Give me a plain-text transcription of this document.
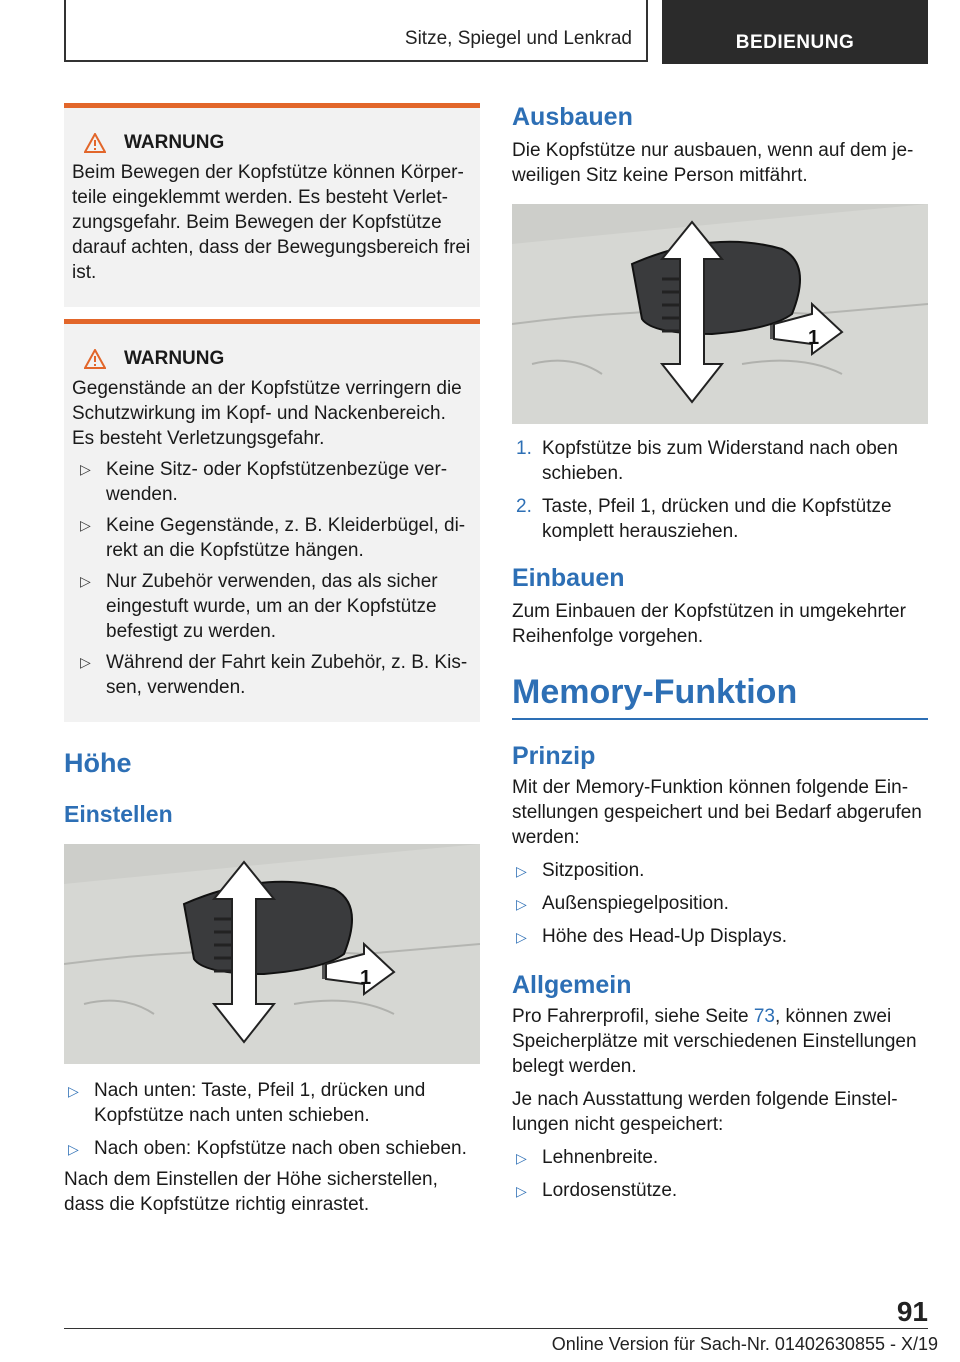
Sitze, Spiegel und Lenkrad	BEDIENUNG
WARNUNG

Beim Bewegen der Kopfstütze können Körper-teile eingeklemmt werden. Es besteht Verlet-zungsgefahr. Beim Bewegen der Kopfstütze darauf achten, dass der Bewegungsbereich frei ist.

WARNUNG

Gegenstände an der Kopfstütze verringern die Schutzwirkung im Kopf- und Nackenbereich. Es besteht Verletzungsgefahr.

▷ Keine Sitz- oder Kopfstützenbezüge ver-wenden.
▷ Keine Gegenstände, z. B. Kleiderbügel, di-rekt an die Kopfstütze hängen.
▷ Nur Zubehör verwenden, das als sicher eingestuft wurde, um an der Kopfstütze befestigt zu werden.
▷ Während der Fahrt kein Zubehör, z. B. Kis-sen, verwenden.
Höhe
Einstellen
1
▷ Nach unten: Taste, Pfeil 1, drücken und Kopfstütze nach unten schieben.
▷ Nach oben: Kopfstütze nach oben schieben.

Nach dem Einstellen der Höhe sicherstellen, dass die Kopfstütze richtig einrastet.

Ausbauen

Die Kopfstütze nur ausbauen, wenn auf dem je-weiligen Sitz keine Person mitfährt.

1
1. Kopfstütze bis zum Widerstand nach oben schieben.
2. Taste, Pfeil 1, drücken und die Kopfstütze komplett herausziehen.
Einbauen

Zum Einbauen der Kopfstützen in umgekehrter Reihenfolge vorgehen.

Memory-Funktion
Prinzip

Mit der Memory-Funktion können folgende Ein-stellungen gespeichert und bei Bedarf abgerufen werden:

▷ Sitzposition.
▷ Außenspiegelposition.
▷ Höhe des Head-Up Displays.
Allgemein

Pro Fahrerprofil, siehe Seite 73, können zwei Speicherplätze mit verschiedenen Einstellungen belegt werden.

Je nach Ausstattung werden folgende Einstel-lungen nicht gespeichert:

▷ Lehnenbreite.
▷ Lordosenstütze.
91
Online Version für Sach-Nr. 01402630855 - X/19
